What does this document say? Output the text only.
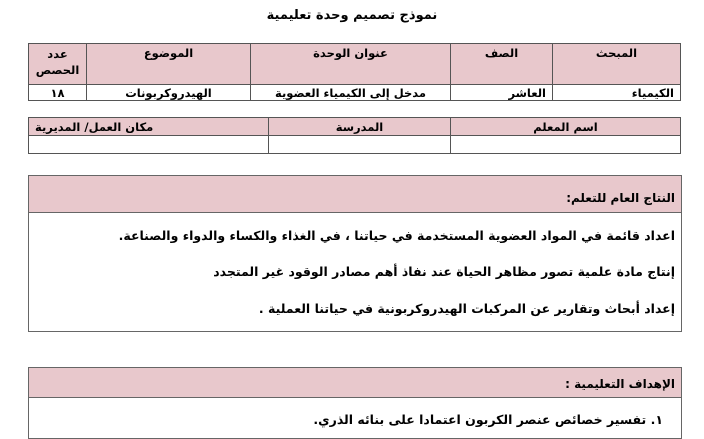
نموذج تصميم وحدة تعليمية
المبحث	الصف	عنوان الوحدة	الموضوع	عدد الحصص
الكيمياء	العاشر	مدخل إلى الكيمياء العضوية	الهيدروكربونات	١٨
اسم المعلم	المدرسة	مكان العمل/ المديرية

النتاج العام للتعلم:
اعداد قائمة في المواد العضوية المستخدمة في حياتنا ، في الغذاء والكساء والدواء والصناعة.
إنتاج مادة علمية تصور مظاهر الحياة عند نفاذ أهم مصادر الوقود غير المتجدد
إعداد أبحاث وتقارير عن المركبات الهيدروكربونية في حياتنا العملية .
الإهداف التعليمية :
١. تفسير خصائص عنصر الكربون اعتمادا على بنائه الذري.
